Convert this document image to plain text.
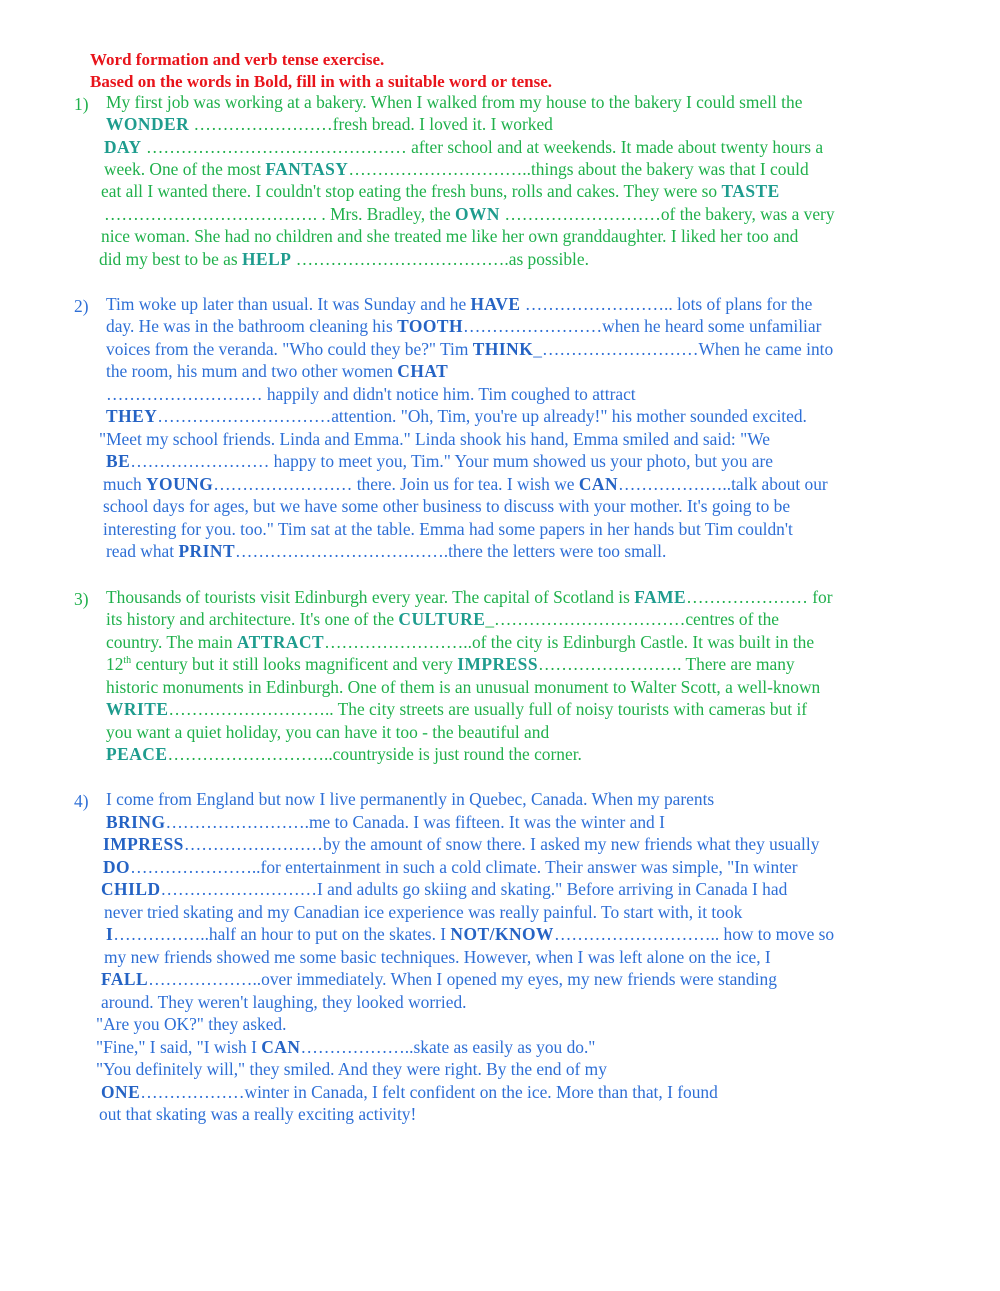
Word formation and verb tense exercise.
Based on the words in Bold, fill in with a suitable word or tense.
1) My first job was working at a bakery. When I walked from my house to the bakery I could smell the
WONDER ……………………fresh bread. I loved it. I worked
DAY ……………………………………… after school and at weekends. It made about twenty hours a
week. One of the most FANTASY…………………………..things about the bakery was that I could
eat all I wanted there. I couldn't stop eating the fresh buns, rolls and cakes. They were so TASTE
………………………………. . Mrs. Bradley, the OWN ………………………of the bakery, was a very
nice woman. She had no children and she treated me like her own granddaughter. I liked her too and
did my best to be as HELP ……………………………….as possible.
2) Tim woke up later than usual. It was Sunday and he HAVE …………………….. lots of plans for the
day. He was in the bathroom cleaning his TOOTH……………………when he heard some unfamiliar
voices from the veranda. "Who could they be?" Tim THINK_………………………When he came into
the room, his mum and two other women CHAT
……………………… happily and didn't notice him. Tim coughed to attract
THEY…………………………attention. "Oh, Tim, you're up already!" his mother sounded excited.
"Meet my school friends. Linda and Emma." Linda shook his hand, Emma smiled and said: "We
BE…………………… happy to meet you, Tim." Your mum showed us your photo, but you are
much YOUNG…………………… there. Join us for tea. I wish we CAN………………..talk about our
school days for ages, but we have some other business to discuss with your mother. It's going to be
interesting for you. too." Tim sat at the table. Emma had some papers in her hands but Tim couldn't
read what PRINT……………………………….there the letters were too small.
3) Thousands of tourists visit Edinburgh every year. The capital of Scotland is FAME………………… for
its history and architecture. It's one of the CULTURE_……………………………centres of the
country. The main ATTRACT……………………..of the city is Edinburgh Castle. It was built in the
12th century but it still looks magnificent and very IMPRESS……………………. There are many
historic monuments in Edinburgh. One of them is an unusual monument to Walter Scott, a well-known
WRITE……………………….. The city streets are usually full of noisy tourists with cameras but if
you want a quiet holiday, you can have it too - the beautiful and
PEACE………………………..countryside is just round the corner.
4) I come from England but now I live permanently in Quebec, Canada. When my parents
BRING…………………….me to Canada. I was fifteen. It was the winter and I
IMPRESS……………………by the amount of snow there. I asked my new friends what they usually
DO…………………..for entertainment in such a cold climate. Their answer was simple, "In winter
CHILD………………………I and adults go skiing and skating." Before arriving in Canada I had
never tried skating and my Canadian ice experience was really painful. To start with, it took
I……………..half an hour to put on the skates. I NOT/KNOW……………………….. how to move so
my new friends showed me some basic techniques. However, when I was left alone on the ice, I
FALL………………..over immediately. When I opened my eyes, my new friends were standing
around. They weren't laughing, they looked worried.
"Are you OK?" they asked.
"Fine," I said, "I wish I CAN………………..skate as easily as you do."
"You definitely will," they smiled. And they were right. By the end of my
ONE………………winter in Canada, I felt confident on the ice. More than that, I found
out that skating was a really exciting activity!
